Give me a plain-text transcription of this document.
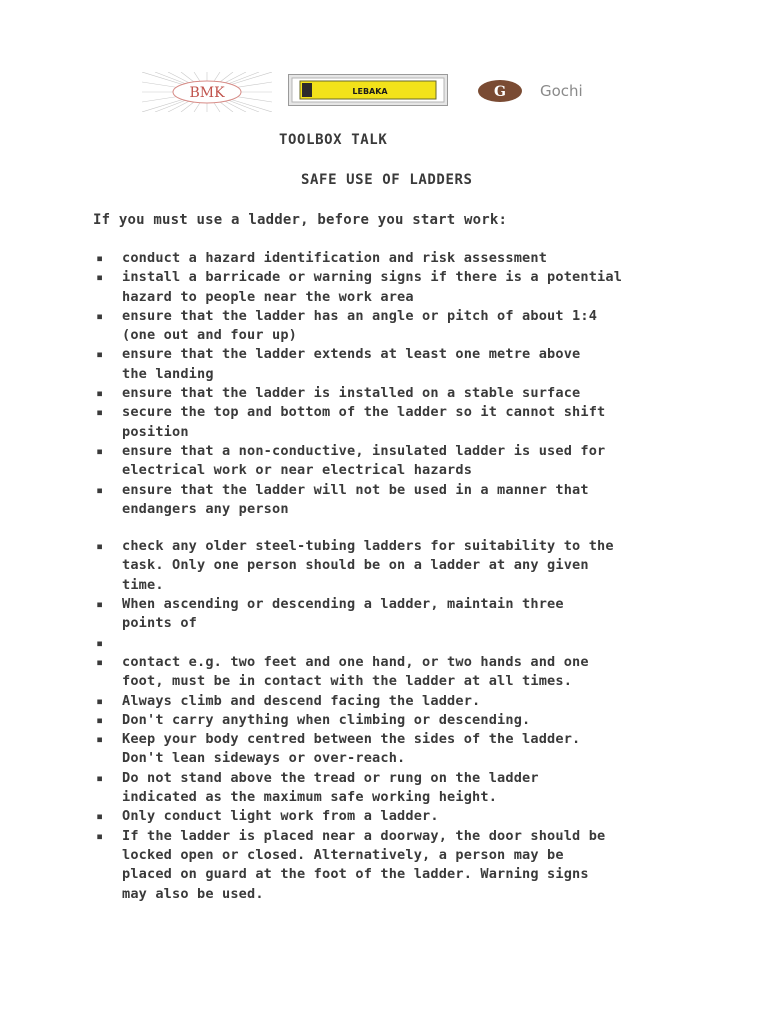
BMK	LEBAKA	G Gochi
TOOLBOX TALK
SAFE USE OF LADDERS

If you must use a ladder, before you start work:

▪ conduct a hazard identification and risk assessment
▪ install a barricade or warning signs if there is a potential
hazard to people near the work area
▪ ensure that the ladder has an angle or pitch of about 1:4
(one out and four up)
▪ ensure that the ladder extends at least one metre above
the landing
▪ ensure that the ladder is installed on a stable surface
▪ secure the top and bottom of the ladder so it cannot shift
position
▪ ensure that a non-conductive, insulated ladder is used for
electrical work or near electrical hazards
▪ ensure that the ladder will not be used in a manner that
endangers any person
▪ check any older steel-tubing ladders for suitability to the
task. Only one person should be on a ladder at any given
time.
▪ When ascending or descending a ladder, maintain three
points of
▪
▪ contact e.g. two feet and one hand, or two hands and one
foot, must be in contact with the ladder at all times.
▪ Always climb and descend facing the ladder.
▪ Don't carry anything when climbing or descending.
▪ Keep your body centred between the sides of the ladder.
Don't lean sideways or over-reach.
▪ Do not stand above the tread or rung on the ladder
indicated as the maximum safe working height.
▪ Only conduct light work from a ladder.
▪ If the ladder is placed near a doorway, the door should be
locked open or closed. Alternatively, a person may be
placed on guard at the foot of the ladder. Warning signs
may also be used.
